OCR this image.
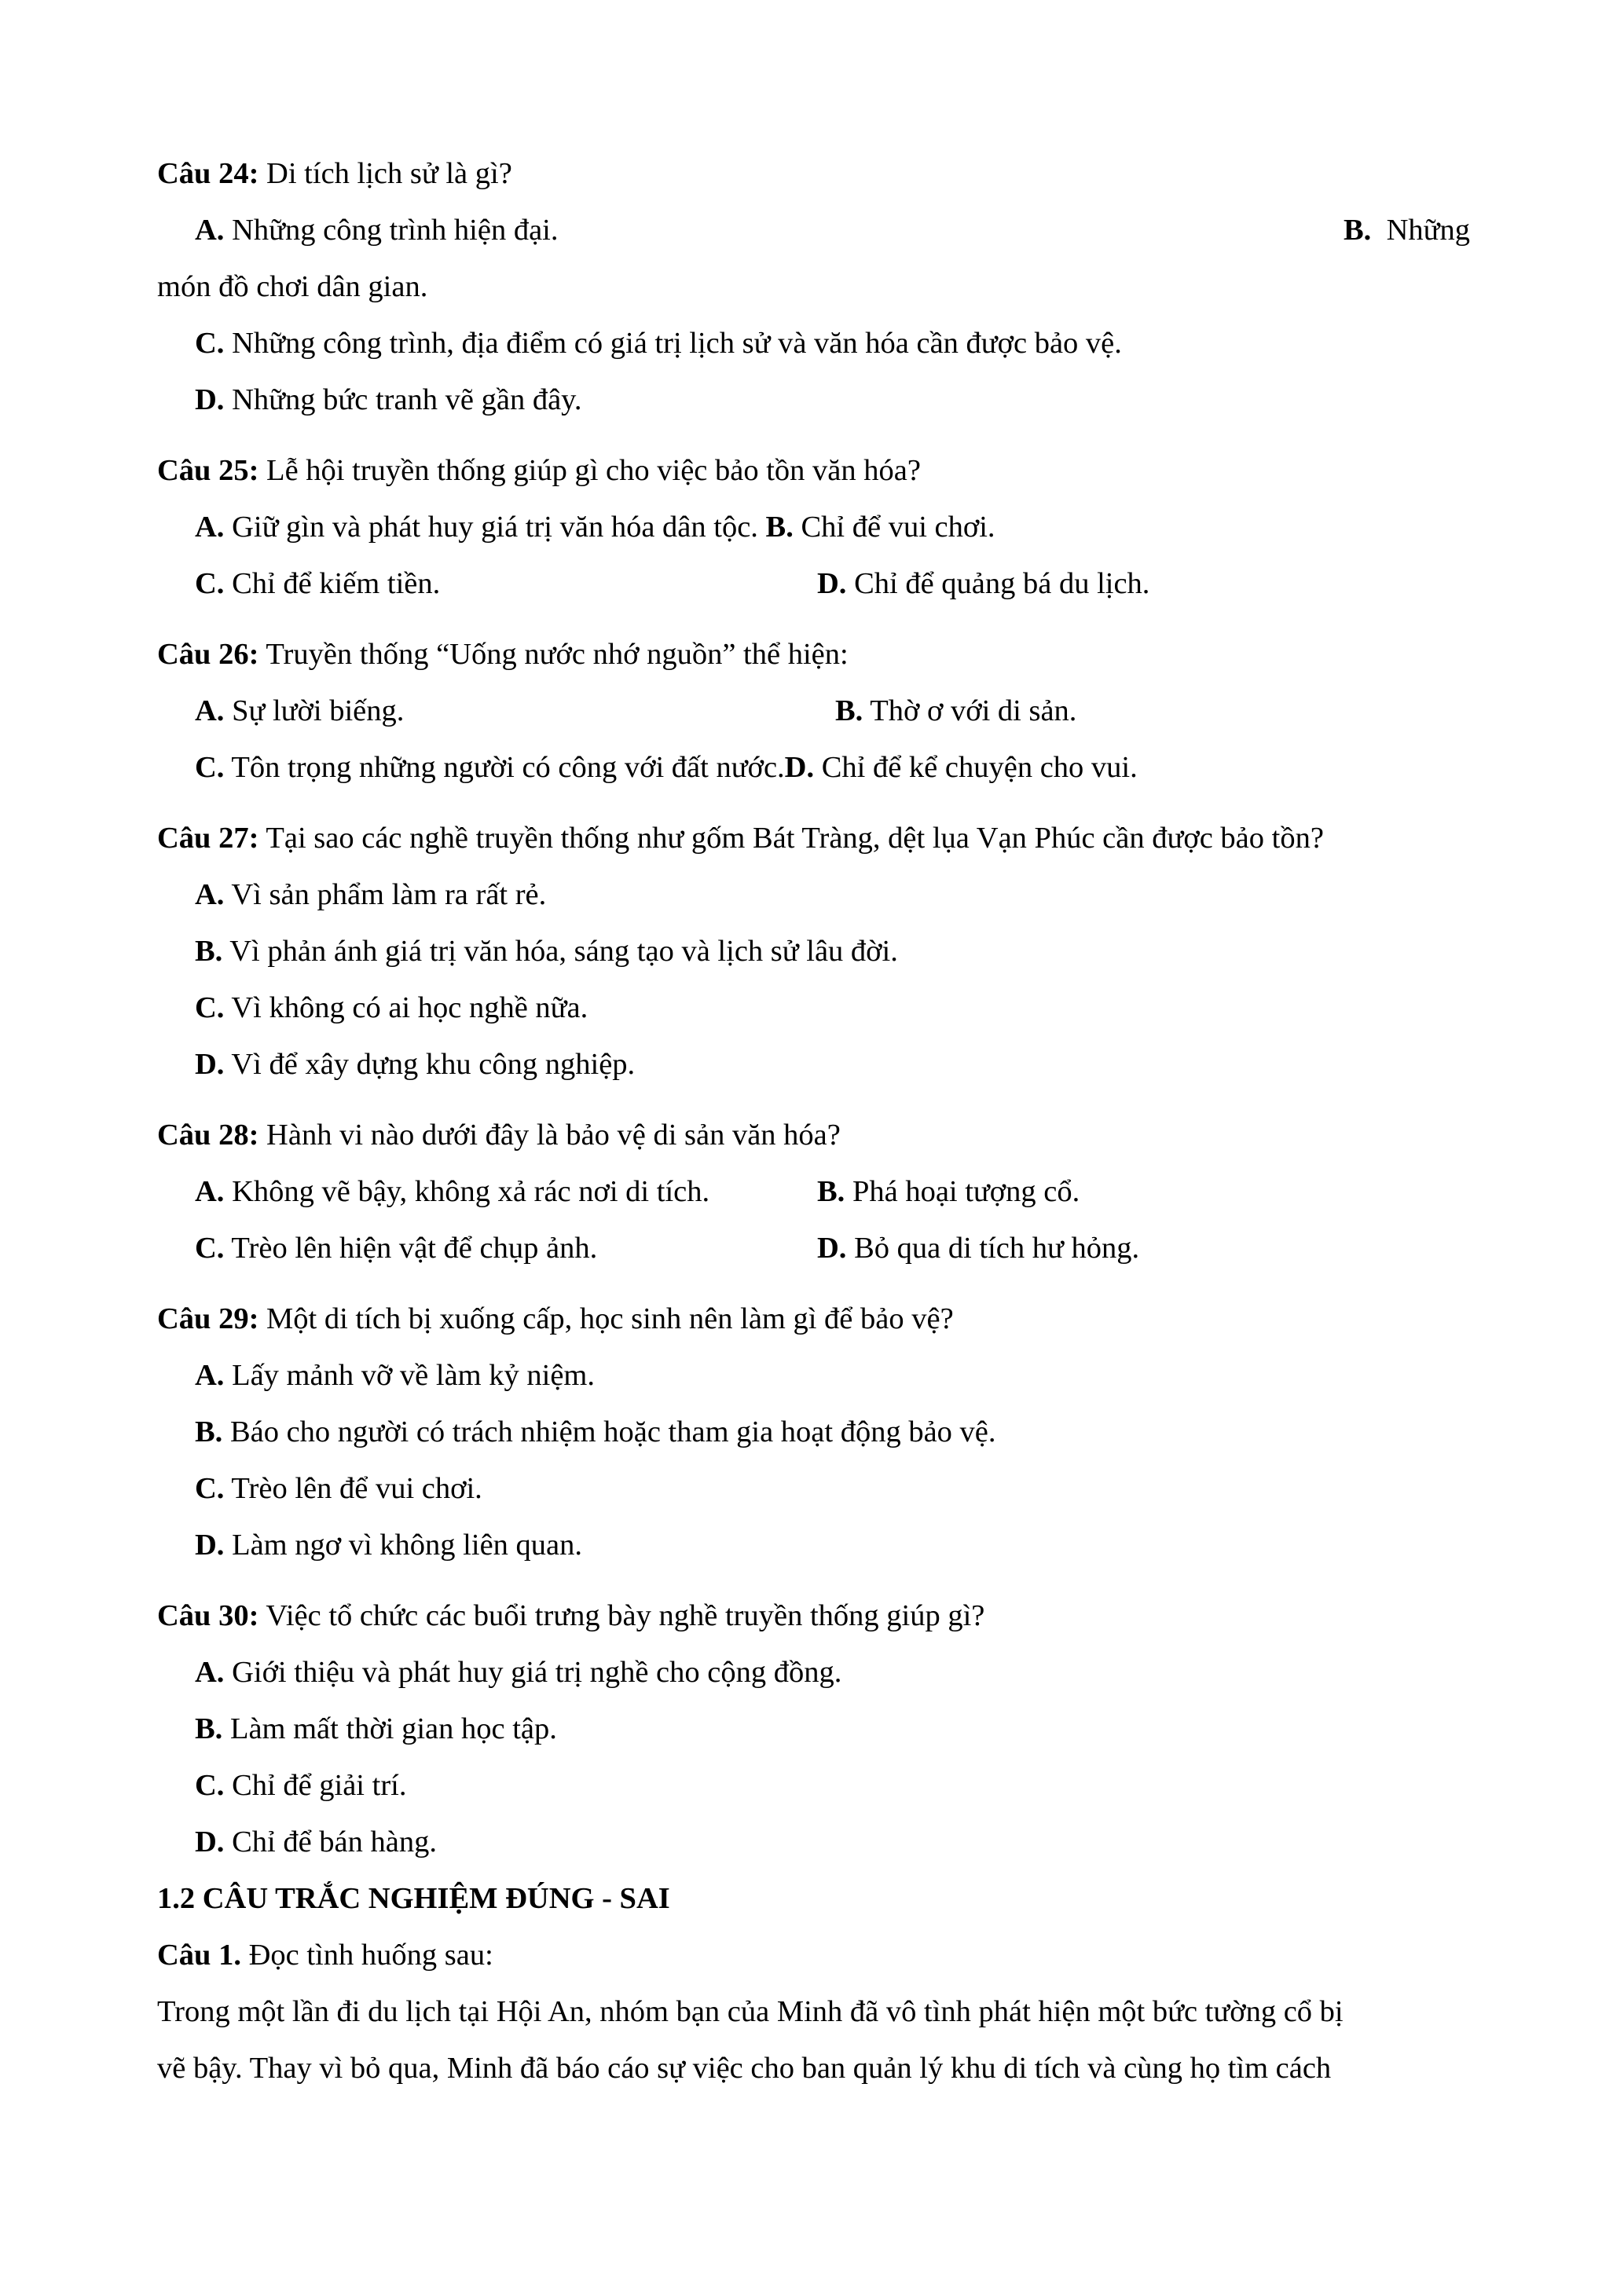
Câu 24: Di tích lịch sử là gì?
A. Những công trình hiện đại.	B. Những
món đồ chơi dân gian.
C. Những công trình, địa điểm có giá trị lịch sử và văn hóa cần được bảo vệ.
D. Những bức tranh vẽ gần đây.
Câu 25: Lễ hội truyền thống giúp gì cho việc bảo tồn văn hóa?
A. Giữ gìn và phát huy giá trị văn hóa dân tộc. B. Chỉ để vui chơi.
C. Chỉ để kiếm tiền.	D. Chỉ để quảng bá du lịch.
Câu 26: Truyền thống “Uống nước nhớ nguồn” thể hiện:
A. Sự lười biếng.	B. Thờ ơ với di sản.
C. Tôn trọng những người có công với đất nước.D. Chỉ để kể chuyện cho vui.
Câu 27: Tại sao các nghề truyền thống như gốm Bát Tràng, dệt lụa Vạn Phúc cần được bảo tồn?
A. Vì sản phẩm làm ra rất rẻ.
B. Vì phản ánh giá trị văn hóa, sáng tạo và lịch sử lâu đời.
C. Vì không có ai học nghề nữa.
D. Vì để xây dựng khu công nghiệp.
Câu 28: Hành vi nào dưới đây là bảo vệ di sản văn hóa?
A. Không vẽ bậy, không xả rác nơi di tích.	B. Phá hoại tượng cổ.
C. Trèo lên hiện vật để chụp ảnh.	D. Bỏ qua di tích hư hỏng.
Câu 29: Một di tích bị xuống cấp, học sinh nên làm gì để bảo vệ?
A. Lấy mảnh vỡ về làm kỷ niệm.
B. Báo cho người có trách nhiệm hoặc tham gia hoạt động bảo vệ.
C. Trèo lên để vui chơi.
D. Làm ngơ vì không liên quan.
Câu 30: Việc tổ chức các buổi trưng bày nghề truyền thống giúp gì?
A. Giới thiệu và phát huy giá trị nghề cho cộng đồng.
B. Làm mất thời gian học tập.
C. Chỉ để giải trí.
D. Chỉ để bán hàng.
1.2 CÂU TRẮC NGHIỆM ĐÚNG - SAI
Câu 1. Đọc tình huống sau:
Trong một lần đi du lịch tại Hội An, nhóm bạn của Minh đã vô tình phát hiện một bức tường cổ bị
vẽ bậy. Thay vì bỏ qua, Minh đã báo cáo sự việc cho ban quản lý khu di tích và cùng họ tìm cách
